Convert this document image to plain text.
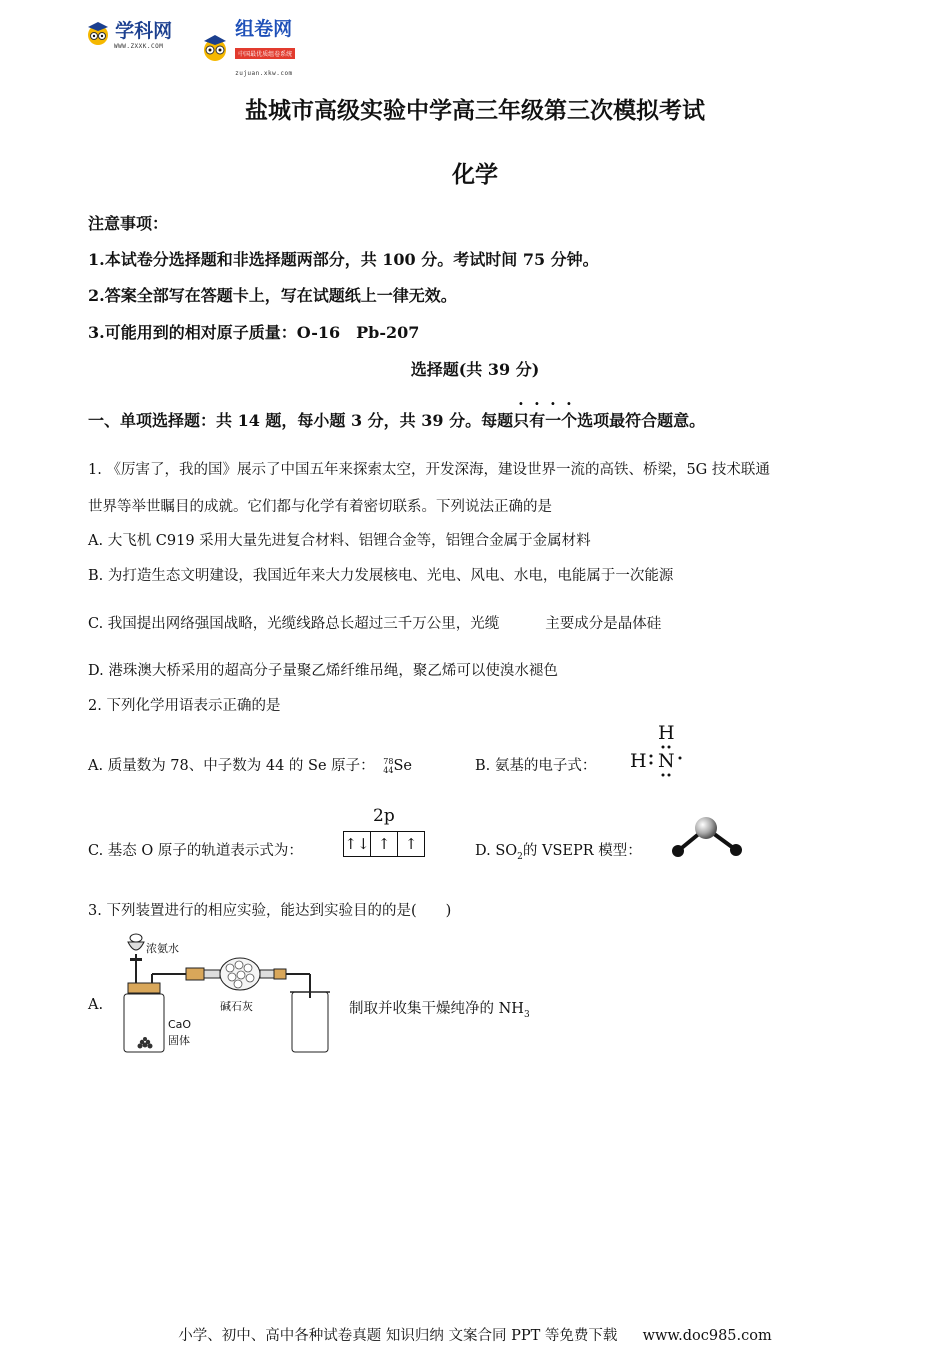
学科网
WWW.ZXXK.COM
组卷网
中国最优质组卷系统
zujuan.xkw.com
盐城市高级实验中学高三年级第三次模拟考试
化学
注意事项：
1.本试卷分选择题和非选择题两部分，共 100 分。考试时间 75 分钟。
2.答案全部写在答题卡上，写在试题纸上一律无效。
3.可能用到的相对原子质量：O-16　Pb-207
选择题(共 39 分)
一、单项选择题：共 14 题，每小题 3 分，共 39 分。每题只有一个选项最符合题意。
1. 《厉害了，我的国》展示了中国五年来探索太空，开发深海，建设世界一流的高铁、桥梁，5G 技术联通
世界等举世瞩目的成就。它们都与化学有着密切联系。下列说法正确的是
A. 大飞机 C919 采用大量先进复合材料、铝锂合金等，铝锂合金属于金属材料
B. 为打造生态文明建设，我国近年来大力发展核电、光电、风电、水电，电能属于一次能源
C. 我国提出网络强国战略，光缆线路总长超过三千万公里，光缆	主要成分是晶体硅
D. 港珠澳大桥采用的超高分子量聚乙烯纤维吊绳，聚乙烯可以使溴水褪色
2. 下列化学用语表示正确的是
A. 质量数为 78、中子数为 44 的 Se 原子： 78
44Se	B. 氨基的电子式：
H
H N
C. 基态 O 原子的轨道表示式为：
2p
↑↓ ↑ ↑	D. $SO_2$的 VSEPR 模型：
3. 下列装置进行的相应实验，能达到实验目的的是(　　)
A.
浓氨水
碱石灰
CaO
固体
制取并收集干燥纯净的 $NH_3$
小学、初中、高中各种试卷真题 知识归纳 文案合同 PPT 等免费下载 www.doc985.com
